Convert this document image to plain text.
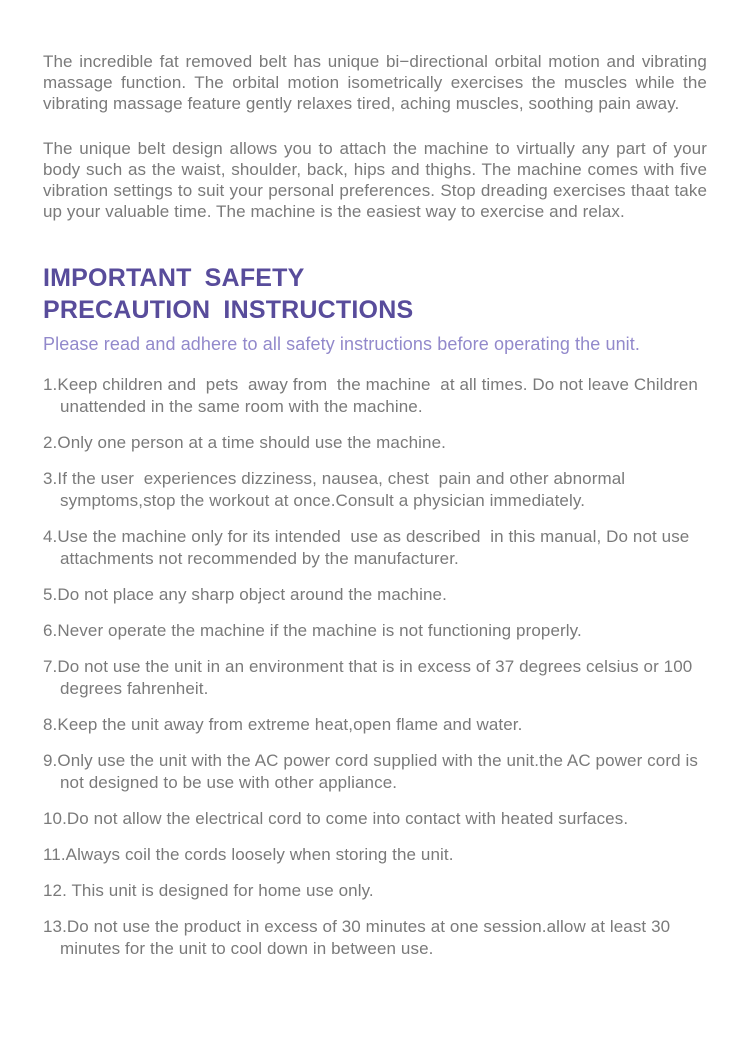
The incredible fat removed belt has unique bi−directional orbital motion and vibrating massage function. The orbital motion isometrically exercises the muscles while the vibrating massage feature gently relaxes tired, aching muscles, soothing pain away.

The unique belt design allows you to attach the machine to virtually any part of your body such as the waist, shoulder, back, hips and thighs. The machine comes with five vibration settings to suit your personal preferences. Stop dreading exercises thaat take up your valuable time. The machine is the easiest way to exercise and relax.

IMPORTANT SAFETY
PRECAUTION INSTRUCTIONS

Please read and adhere to all safety instructions before operating the unit.

1.Keep children and  pets  away from  the machine  at all times. Do not leave Children unattended in the same room with the machine.
2.Only one person at a time should use the machine.
3.If the user  experiences dizziness, nausea, chest  pain and other abnormal symptoms,stop the workout at once.Consult a physician immediately.
4.Use the machine only for its intended  use as described  in this manual, Do not use attachments not recommended by the manufacturer.
5.Do not place any sharp object around the machine.
6.Never operate the machine if the machine is not functioning properly.
7.Do not use the unit in an environment that is in excess of 37 degrees celsius or 100 degrees fahrenheit.
8.Keep the unit away from extreme heat,open flame and water.
9.Only use the unit with the AC power cord supplied with the unit.the AC power cord is not designed to be use with other appliance.
10.Do not allow the electrical cord to come into contact with heated surfaces.
11.Always coil the cords loosely when storing the unit.
12. This unit is designed for home use only.
13.Do not use the product in excess of 30 minutes at one session.allow at least 30 minutes for the unit to cool down in between use.
